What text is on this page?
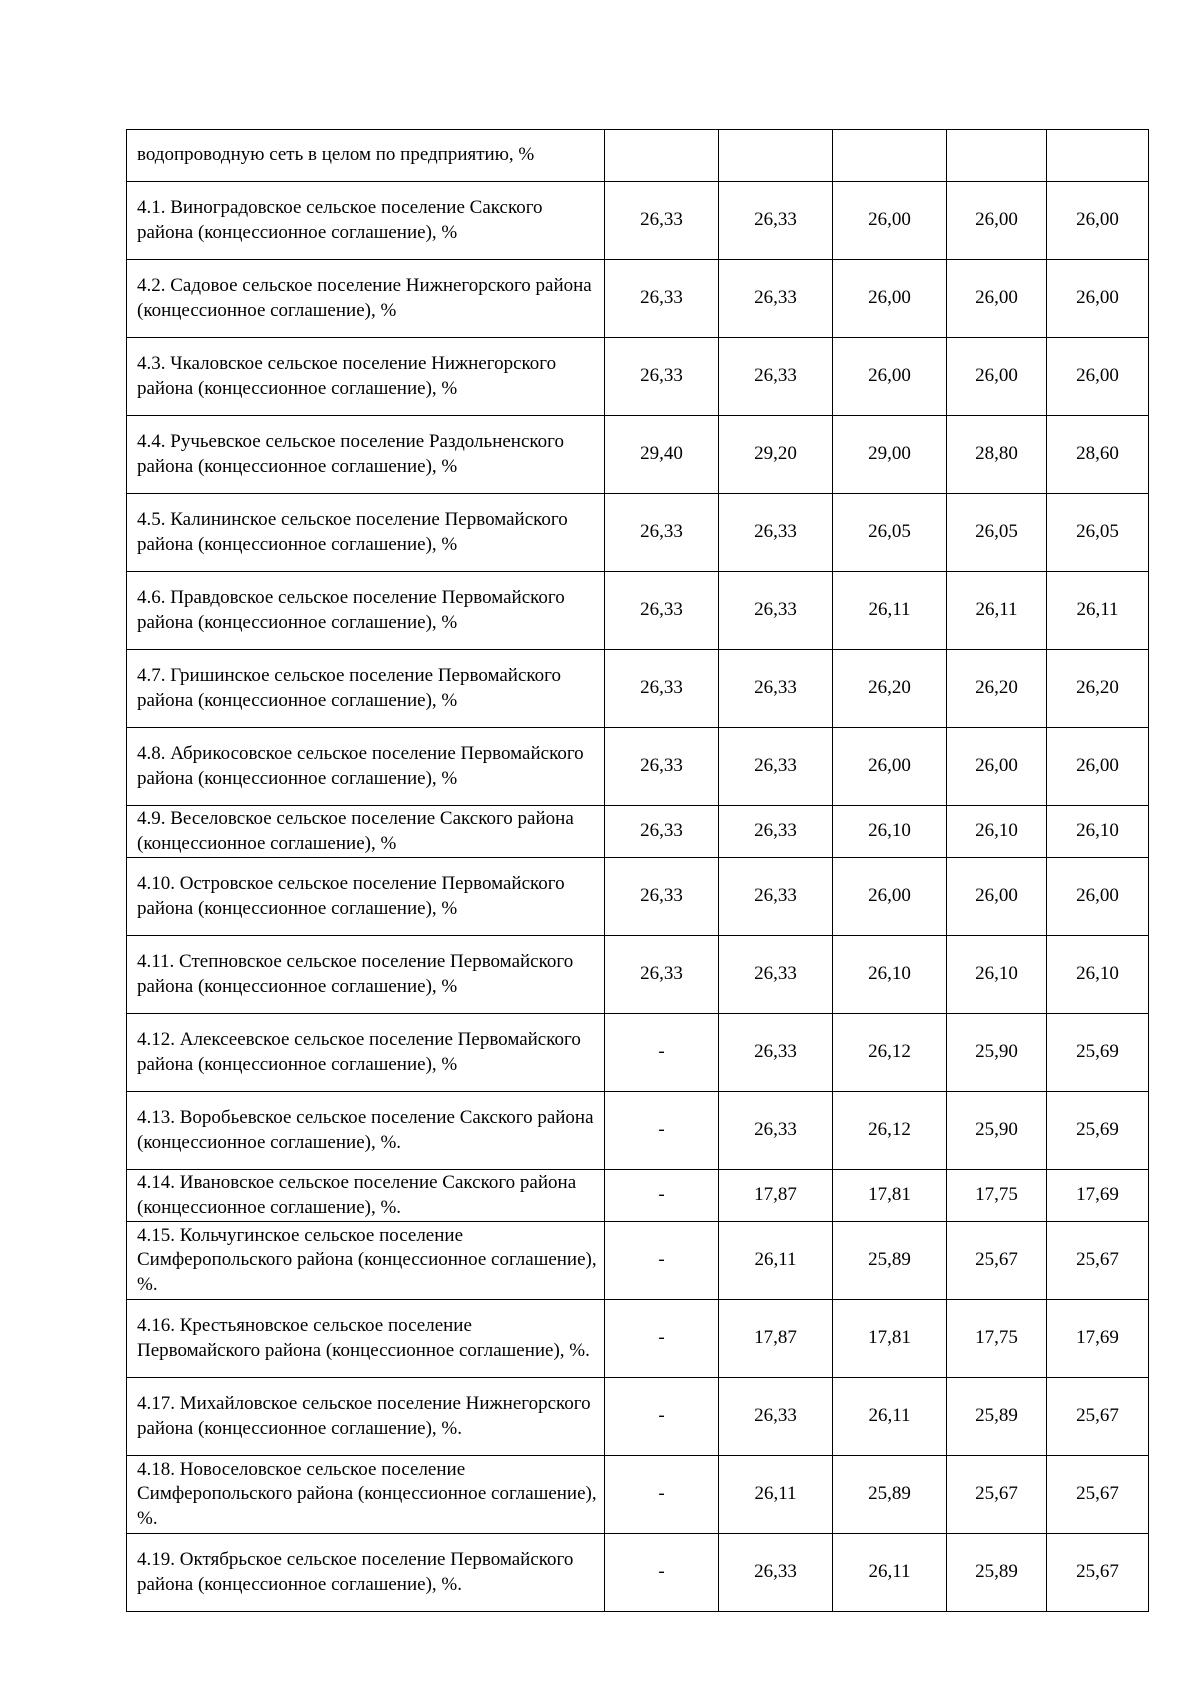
водопроводную сеть в целом по предприятию, %					
4.1. Виноградовское сельское поселение Сакского района (концессионное соглашение), %	26,33	26,33	26,00	26,00	26,00
4.2. Садовое сельское поселение Нижнегорского района (концессионное соглашение), %	26,33	26,33	26,00	26,00	26,00
4.3. Чкаловское сельское поселение Нижнегорского района (концессионное соглашение), %	26,33	26,33	26,00	26,00	26,00
4.4. Ручьевское сельское поселение Раздольненского района (концессионное соглашение), %	29,40	29,20	29,00	28,80	28,60
4.5. Калининское сельское поселение Первомайского района (концессионное соглашение), %	26,33	26,33	26,05	26,05	26,05
4.6. Правдовское сельское поселение Первомайского района (концессионное соглашение), %	26,33	26,33	26,11	26,11	26,11
4.7. Гришинское сельское поселение Первомайского района (концессионное соглашение), %	26,33	26,33	26,20	26,20	26,20
4.8. Абрикосовское сельское поселение Первомайского района (концессионное соглашение), %	26,33	26,33	26,00	26,00	26,00
4.9. Веселовское сельское поселение Сакского района (концессионное соглашение), %	26,33	26,33	26,10	26,10	26,10
4.10. Островское сельское поселение Первомайского района (концессионное соглашение), %	26,33	26,33	26,00	26,00	26,00
4.11. Степновское сельское поселение Первомайского района (концессионное соглашение), %	26,33	26,33	26,10	26,10	26,10
4.12. Алексеевское сельское поселение Первомайского района (концессионное соглашение), %	-	26,33	26,12	25,90	25,69
4.13. Воробьевское сельское поселение Сакского района (концессионное соглашение), %.	-	26,33	26,12	25,90	25,69
4.14. Ивановское сельское поселение Сакского района (концессионное соглашение), %.	-	17,87	17,81	17,75	17,69
4.15. Кольчугинское сельское поселение Симферопольского района (концессионное соглашение), %.	-	26,11	25,89	25,67	25,67
4.16. Крестьяновское сельское поселение Первомайского района (концессионное соглашение), %.	-	17,87	17,81	17,75	17,69
4.17. Михайловское сельское поселение Нижнегорского района (концессионное соглашение), %.	-	26,33	26,11	25,89	25,67
4.18. Новоселовское сельское поселение Симферопольского района (концессионное соглашение), %.	-	26,11	25,89	25,67	25,67
4.19. Октябрьское сельское поселение Первомайского района (концессионное соглашение), %.	-	26,33	26,11	25,89	25,67
